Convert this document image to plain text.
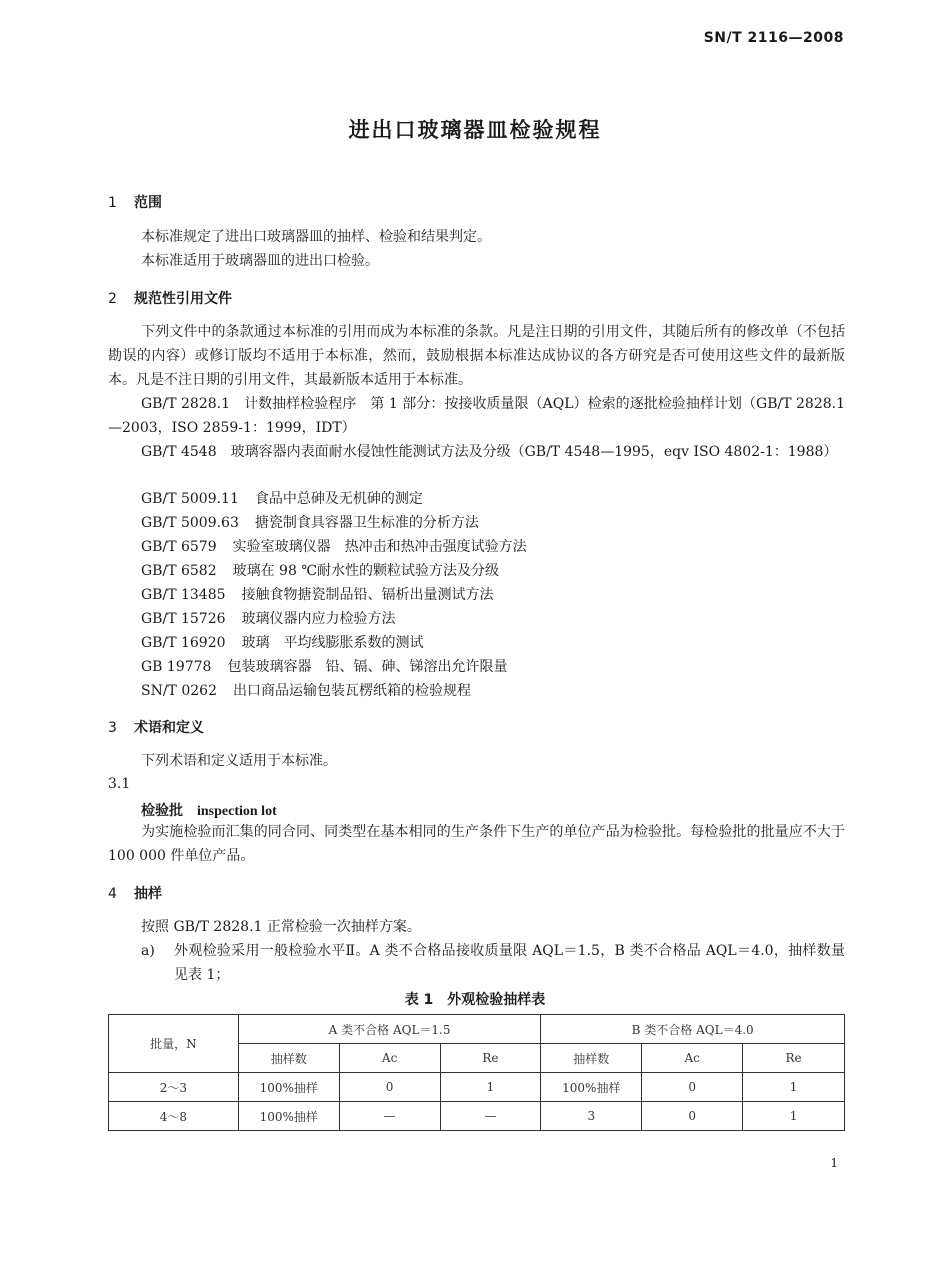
SN/T 2116—2008
进出口玻璃器皿检验规程
1 范围
本标准规定了进出口玻璃器皿的抽样、检验和结果判定。
本标准适用于玻璃器皿的进出口检验。
2 规范性引用文件
下列文件中的条款通过本标准的引用而成为本标准的条款。凡是注日期的引用文件，其随后所有的修改单（不包括勘误的内容）或修订版均不适用于本标准，然而，鼓励根据本标准达成协议的各方研究是否可使用这些文件的最新版本。凡是不注日期的引用文件，其最新版本适用于本标准。
GB/T 2828.1　 计数抽样检验程序　第 1 部分：按接收质量限（AQL）检索的逐批检验抽样计划（GB/T 2828.1—2003，ISO 2859-1：1999，IDT）
GB/T 4548　 玻璃容器内表面耐水侵蚀性能测试方法及分级（GB/T 4548—1995，eqv ISO 4802-1：1988）
GB/T 5009.11 食品中总砷及无机砷的测定
GB/T 5009.63 搪瓷制食具容器卫生标准的分析方法
GB/T 6579 实验室玻璃仪器　热冲击和热冲击强度试验方法
GB/T 6582 玻璃在 98 ℃耐水性的颗粒试验方法及分级
GB/T 13485 接触食物搪瓷制品铅、镉析出量测试方法
GB/T 15726 玻璃仪器内应力检验方法
GB/T 16920 玻璃　平均线膨胀系数的测试
GB 19778 包装玻璃容器　铅、镉、砷、锑溶出允许限量
SN/T 0262 出口商品运输包装瓦楞纸箱的检验规程
3 术语和定义
下列术语和定义适用于本标准。
3.1
检验批 inspection lot
为实施检验而汇集的同合同、同类型在基本相同的生产条件下生产的单位产品为检验批。每检验批的批量应不大于 100 000 件单位产品。
4 抽样
按照 GB/T 2828.1 正常检验一次抽样方案。
a)	外观检验采用一般检验水平Ⅱ。A 类不合格品接收质量限 AQL＝1.5，B 类不合格品 AQL＝4.0，抽样数量见表 1；
表 1　外观检验抽样表
批量，N	A 类不合格 AQL＝1.5			B 类不合格 AQL＝4.0		
	抽样数	Ac	Re	抽样数	Ac	Re
2～3	100%抽样	0	1	100%抽样	0	1
4～8	100%抽样	—	—	3	0	1
1
